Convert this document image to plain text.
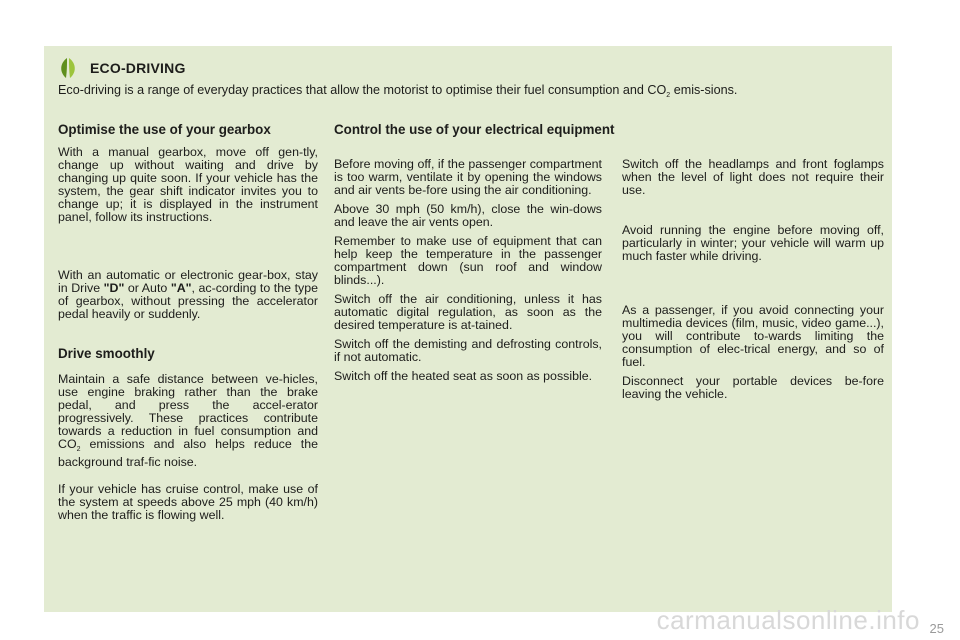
ECO-DRIVING
Eco-driving is a range of everyday practices that allow the motorist to optimise their fuel consumption and $CO_2$ emis-sions.

Optimise the use of your gearbox

With a manual gearbox, move off gen-tly, change up without waiting and drive by changing up quite soon. If your vehicle has the system, the gear shift indicator invites you to change up; it is displayed in the instrument panel, follow its instructions.

With an automatic or electronic gear-box, stay in Drive "D" or Auto "A", ac-cording to the type of gearbox, without pressing the accelerator pedal heavily or suddenly.

Drive smoothly

Maintain a safe distance between ve-hicles, use engine braking rather than the brake pedal, and press the accel-erator progressively. These practices contribute towards a reduction in fuel consumption and $CO_2$ emissions and also helps reduce the background traf-fic noise.

If your vehicle has cruise control, make use of the system at speeds above 25 mph (40 km/h) when the traffic is flowing well.

Control the use of your electrical equipment

Before moving off, if the passenger compartment is too warm, ventilate it by opening the windows and air vents be-fore using the air conditioning.

Above 30 mph (50 km/h), close the win-dows and leave the air vents open.

Remember to make use of equipment that can help keep the temperature in the passenger compartment down (sun roof and window blinds...).

Switch off the air conditioning, unless it has automatic digital regulation, as soon as the desired temperature is at-tained.

Switch off the demisting and defrosting controls, if not automatic.

Switch off the heated seat as soon as possible.

Switch off the headlamps and front foglamps when the level of light does not require their use.

Avoid running the engine before moving off, particularly in winter; your vehicle will warm up much faster while driving.

As a passenger, if you avoid connecting your multimedia devices (film, music, video game...), you will contribute to-wards limiting the consumption of elec-trical energy, and so of fuel.

Disconnect your portable devices be-fore leaving the vehicle.

carmanualsonline.info 25
